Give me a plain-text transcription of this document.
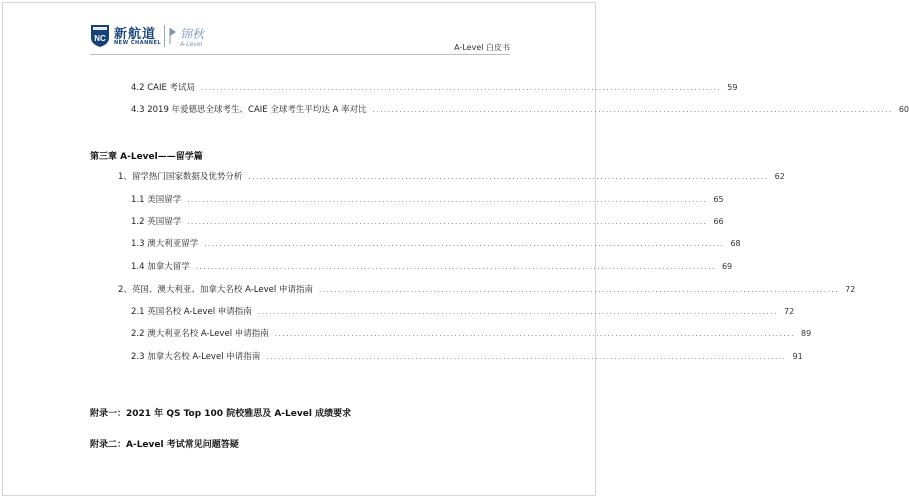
NC 新航道
NEW CHANNEL
锦秋
A-Level	A-Level 白皮书
4.2 CAIE 考试局 ........................................................................................................................................ 59
4.3 2019 年爱德思全球考生、CAIE 全球考生平均达 A 率对比 ........................................................................................................................................ 60
第三章 A-Level——留学篇
1、留学热门国家数据及优势分析 ........................................................................................................................................ 62
1.1 美国留学 ........................................................................................................................................ 65
1.2 英国留学 ........................................................................................................................................ 66
1.3 澳大利亚留学 ........................................................................................................................................ 68
1.4 加拿大留学 ........................................................................................................................................ 69
2、英国、澳大利亚、加拿大名校 A-Level 申请指南 ........................................................................................................................................ 72
2.1 英国名校 A-Level 申请指南 ........................................................................................................................................ 72
2.2 澳大利亚名校 A-Level 申请指南 ........................................................................................................................................ 89
2.3 加拿大名校 A-Level 申请指南 ........................................................................................................................................ 91
附录一：2021 年 QS Top 100 院校雅思及 A-Level 成绩要求
附录二：A-Level 考试常见问题答疑
